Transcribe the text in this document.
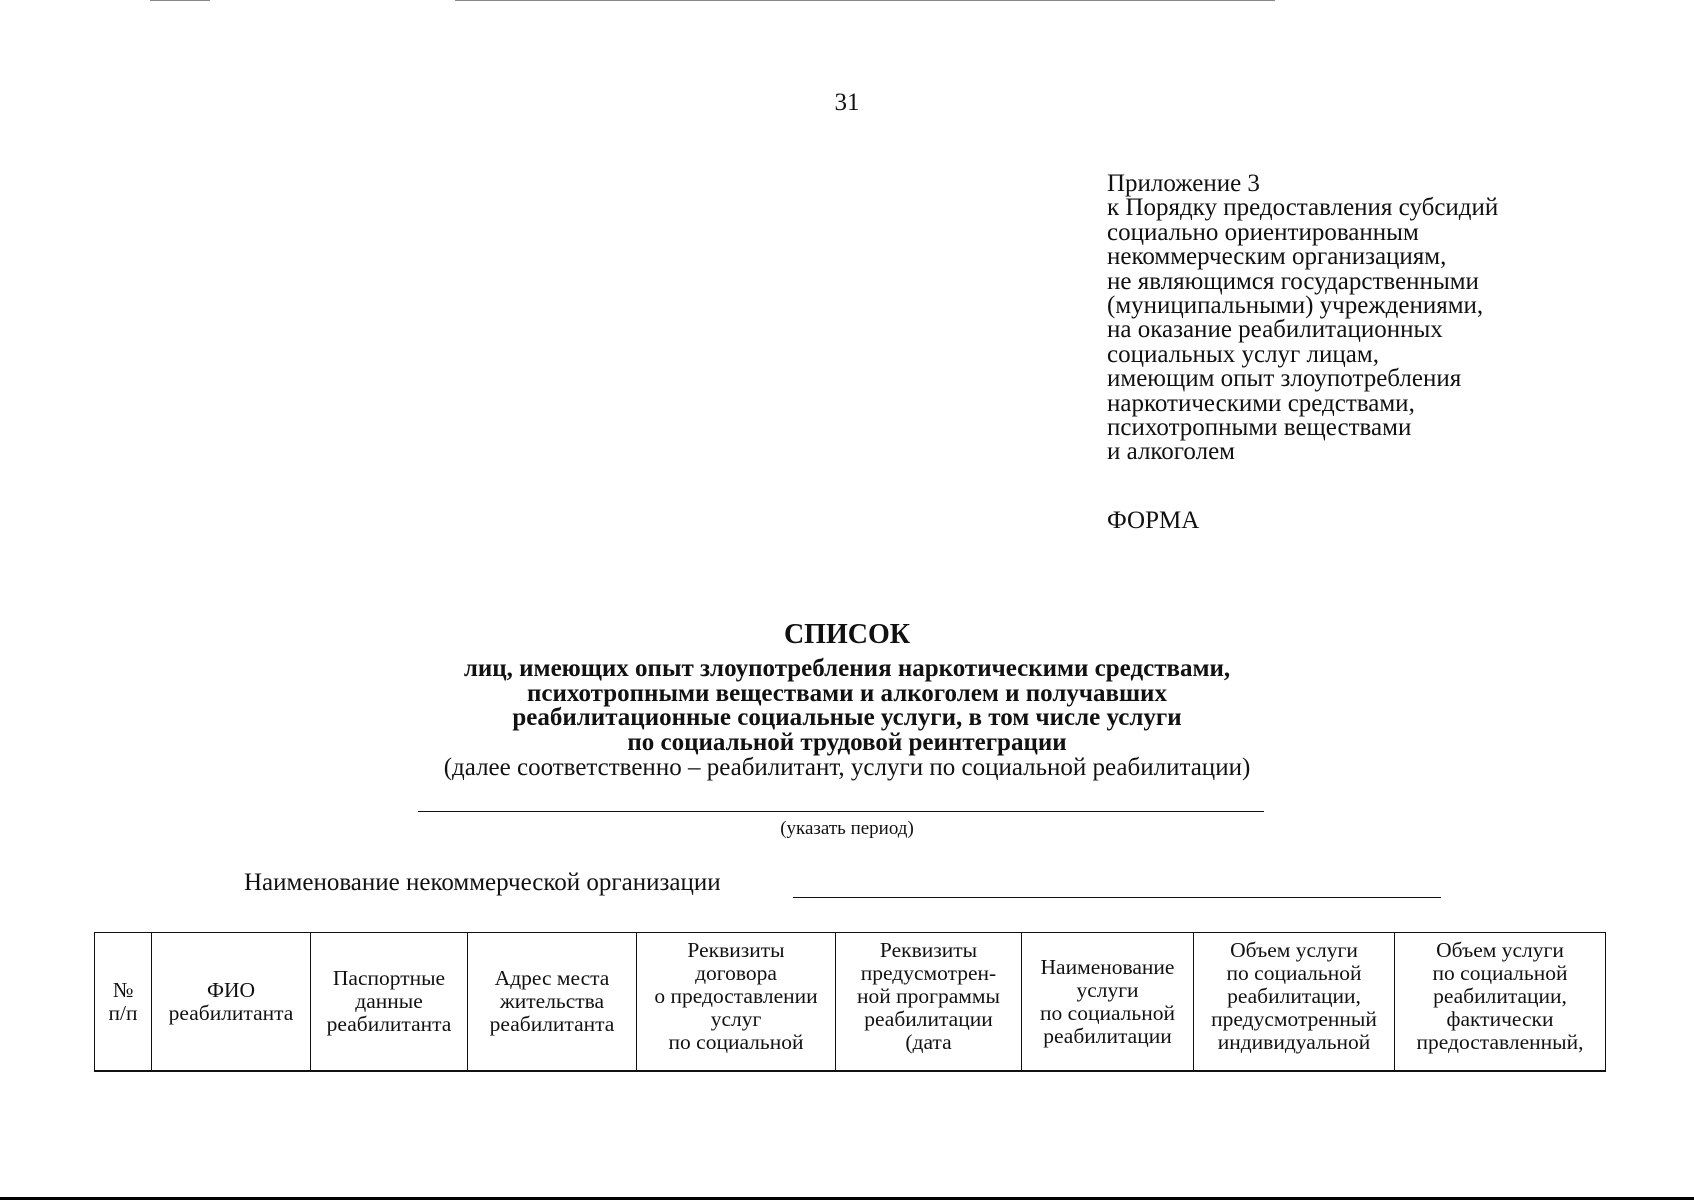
31
Приложение 3
к Порядку предоставления субсидий
социально ориентированным
некоммерческим организациям,
не являющимся государственными
(муниципальными) учреждениями,
на оказание реабилитационных
социальных услуг лицам,
имеющим опыт злоупотребления
наркотическими средствами,
психотропными веществами
и алкоголем
ФОРМА
СПИСОК
лиц, имеющих опыт злоупотребления наркотическими средствами,
психотропными веществами и алкоголем и получавших
реабилитационные социальные услуги, в том числе услуги
по социальной трудовой реинтеграции
(далее соответственно – реабилитант, услуги по социальной реабилитации)
(указать период)
Наименование некоммерческой организации
№
п/п

ФИО
реабилитанта

Паспортные
данные
реабилитанта

Адрес места
жительства
реабилитанта

Реквизиты
договора
о предоставлении
услуг
по социальной

Реквизиты
предусмотрен-
ной программы
реабилитации
(дата

Наименование
услуги
по социальной
реабилитации

Объем услуги
по социальной
реабилитации,
предусмотренный
индивидуальной

Объем услуги
по социальной
реабилитации,
фактически
предоставленный,
